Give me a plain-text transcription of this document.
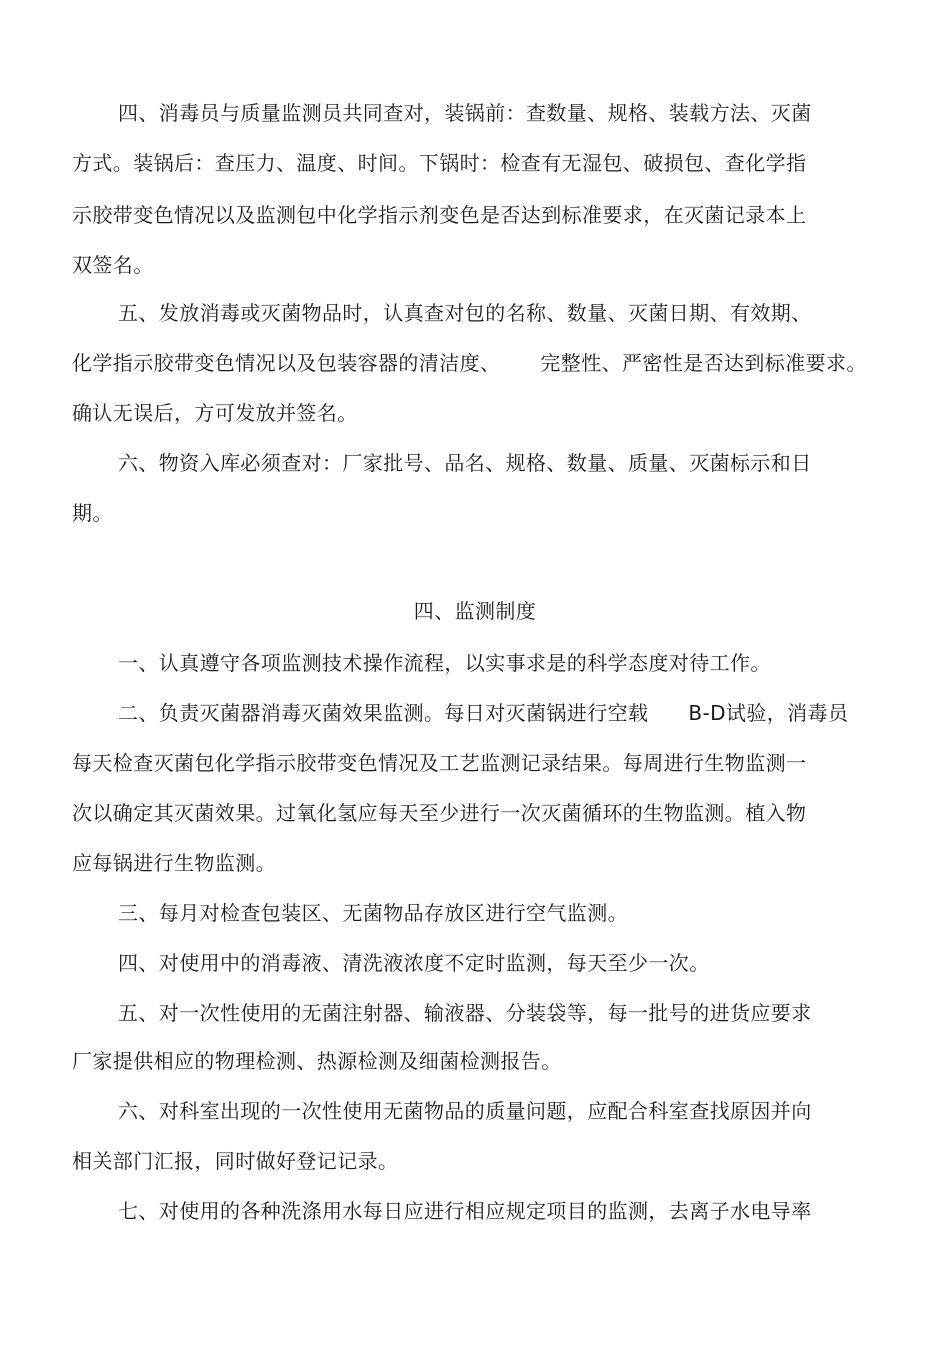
四、消毒员与质量监测员共同查对，装锅前：查数量、规格、装载方法、灭菌
方式。装锅后：查压力、温度、时间。下锅时：检查有无湿包、破损包、查化学指
示胶带变色情况以及监测包中化学指示剂变色是否达到标准要求，在灭菌记录本上
双签名。
五、发放消毒或灭菌物品时，认真查对包的名称、数量、灭菌日期、有效期、
化学指示胶带变色情况以及包装容器的清洁度、 完整性、严密性是否达到标准要求。
确认无误后，方可发放并签名。
六、物资入库必须查对：厂家批号、品名、规格、数量、质量、灭菌标示和日
期。
四、监测制度
一、认真遵守各项监测技术操作流程，以实事求是的科学态度对待工作。
二、负责灭菌器消毒灭菌效果监测。每日对灭菌锅进行空载 B-D试验，消毒员
每天检查灭菌包化学指示胶带变色情况及工艺监测记录结果。每周进行生物监测一
次以确定其灭菌效果。过氧化氢应每天至少进行一次灭菌循环的生物监测。植入物
应每锅进行生物监测。
三、每月对检查包装区、无菌物品存放区进行空气监测。
四、对使用中的消毒液、清洗液浓度不定时监测，每天至少一次。
五、对一次性使用的无菌注射器、输液器、分装袋等，每一批号的进货应要求
厂家提供相应的物理检测、热源检测及细菌检测报告。
六、对科室出现的一次性使用无菌物品的质量问题，应配合科室查找原因并向
相关部门汇报，同时做好登记记录。
七、对使用的各种洗涤用水每日应进行相应规定项目的监测，去离子水电导率
